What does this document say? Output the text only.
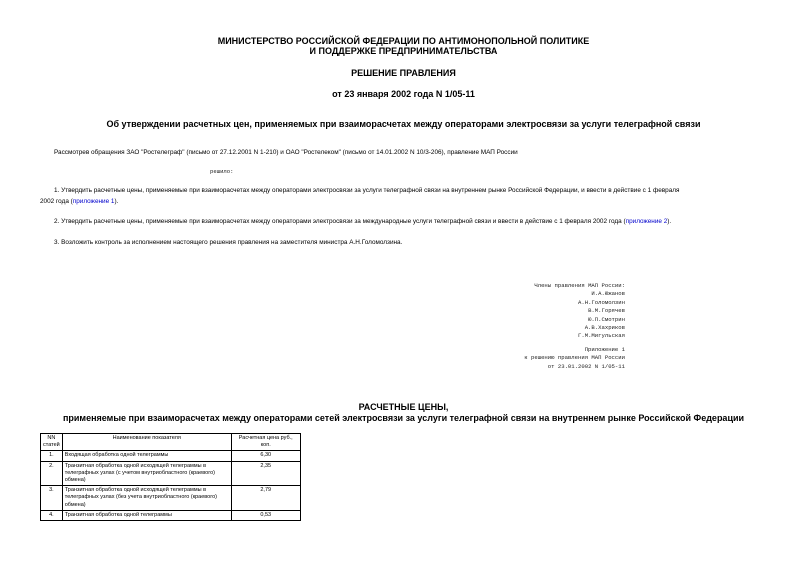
МИНИСТЕРСТВО РОССИЙСКОЙ ФЕДЕРАЦИИ ПО АНТИМОНОПОЛЬНОЙ ПОЛИТИКЕ
И ПОДДЕРЖКЕ ПРЕДПРИНИМАТЕЛЬСТВА
РЕШЕНИЕ ПРАВЛЕНИЯ
от 23 января 2002 года N 1/05-11
Об утверждении расчетных цен, применяемых при взаиморасчетах между операторами электросвязи за услуги телеграфной связи
Рассмотрев обращения ЗАО "Ростелеграф" (письмо от 27.12.2001 N 1-210) и ОАО "Ростелеком" (письмо от 14.01.2002 N 10/3-206), правление МАП России
решило:
1. Утвердить расчетные цены, применяемые при взаиморасчетах между операторами электросвязи за услуги телеграфной связи на внутреннем рынке Российской Федерации, и ввести в действие с 1 февраля
2002 года (приложение 1).
2. Утвердить расчетные цены, применяемые при взаиморасчетах между операторами электросвязи за международные услуги телеграфной связи и ввести в действие с 1 февраля 2002 года (приложение 2).
3. Возложить контроль за исполнением настоящего решения правления на заместителя министра А.Н.Голомолзина.
Члены правления МАП России:
И.А.Южанов
А.Н.Голомолзин
В.М.Горячев
Ю.П.Смотрин
А.В.Хахриков
Г.М.Мигульская
Приложение 1
к решению правления МАП России
от 23.01.2002 N 1/05-11
РАСЧЕТНЫЕ ЦЕНЫ,
применяемые при взаиморасчетах между операторами сетей электросвязи за услуги телеграфной связи на внутреннем рынке Российской Федерации
NN статей	Наименование показателя	Расчетная цена руб., коп.
1.	Входящая обработка одной телеграммы	6,30
2.	Транзитная обработка одной исходящей телеграммы в телеграфных узлах (с учетом внутриобластного (краевого) обмена)	2,35
3.	Транзитная обработка одной исходящей телеграммы в телеграфных узлах (без учета внутриобластного (краевого) обмена)	2,79
4.	Транзитная обработка одной телеграммы	0,53
